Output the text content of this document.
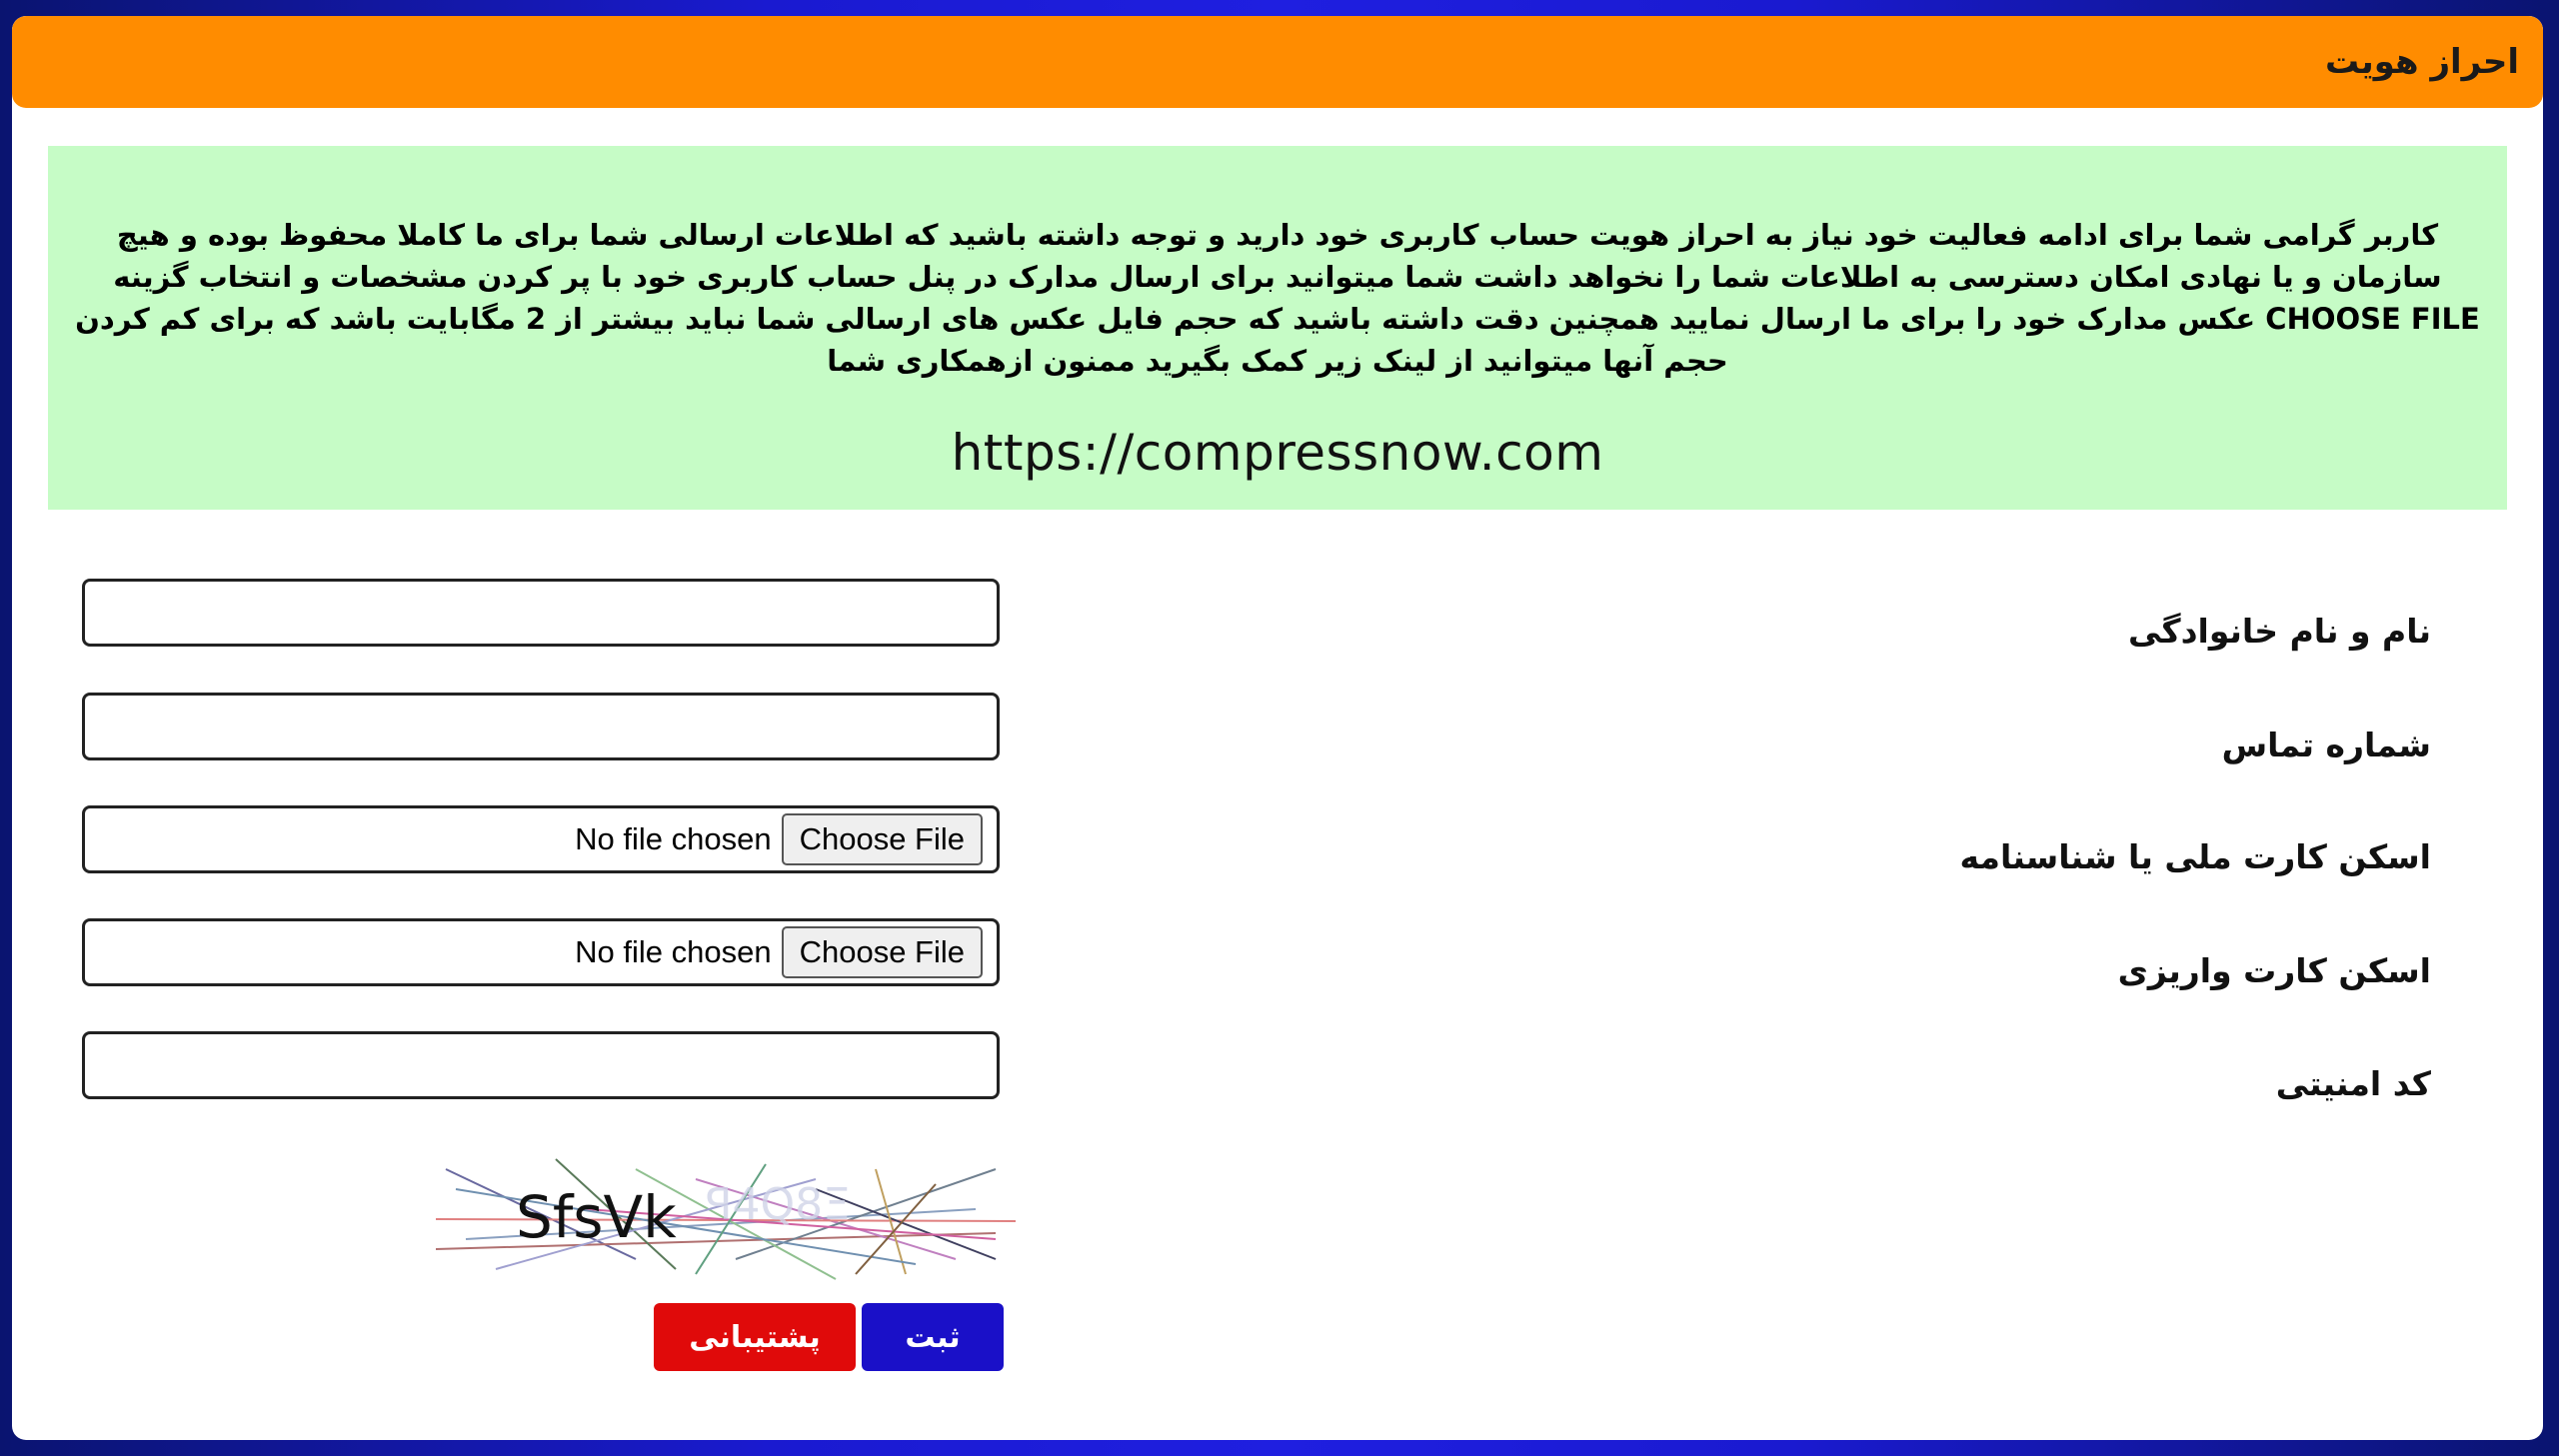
احراز هویت
کاربر گرامی شما برای ادامه فعالیت خود نیاز به احراز هویت حساب کاربری خود دارید و توجه داشته باشید که اطلاعات ارسالی شما برای ما کاملا محفوظ بوده و هیچ سازمان و یا نهادی امکان دسترسی به اطلاعات شما را نخواهد داشت شما میتوانید برای ارسال مدارک در پنل حساب کاربری خود با پر کردن مشخصات و انتخاب گزینه CHOOSE FILE عکس مدارک خود را برای ما ارسال نمایید همچنین دقت داشته باشید که حجم فایل عکس های ارسالی شما نباید بیشتر از 2 مگابایت باشد که برای کم کردن حجم آنها میتوانید از لینک زیر کمک بگیرید ممنون ازهمکاری شما
https://compressnow.com
نام و نام خانوادگی
شماره تماس
اسکن کارت ملی یا شناسنامه
Choose File
No file chosen
اسکن کارت واریزی
Choose File
No file chosen
کد امنیتی
ꟼ4Q8Ξ
SfsVk
ثبت
پشتیبانی
